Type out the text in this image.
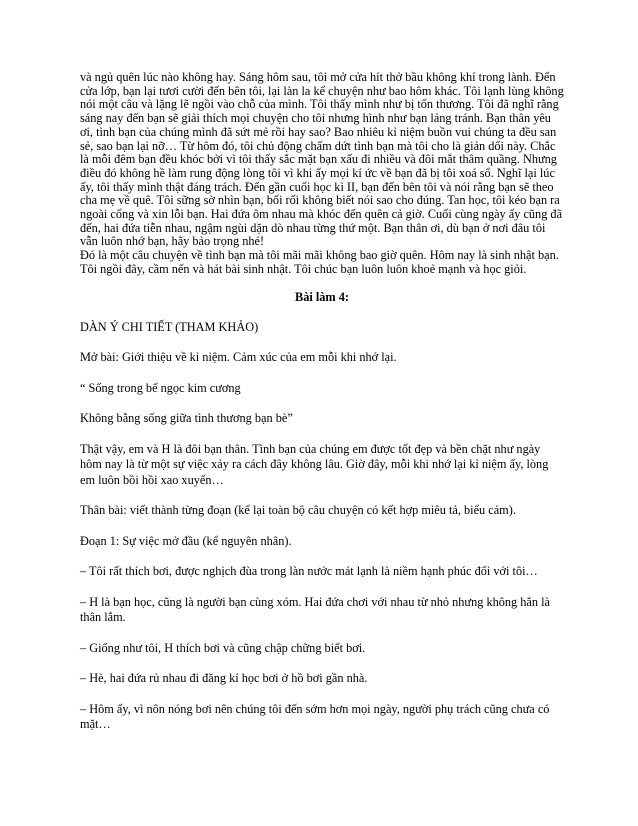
và ngủ quên lúc nào không hay. Sáng hôm sau, tôi mở cửa hít thở bầu không khí trong lành. Đến cửa lớp, bạn lại tươi cười đến bên tôi, lại làn la kể chuyện như bao hôm khác. Tôi lạnh lùng không nói một câu và lặng lẽ ngồi vào chỗ của mình. Tôi thấy mình như bị tổn thương. Tôi đã nghĩ rằng sáng nay đến bạn sẽ giải thích mọi chuyện cho tôi nhưng hình như bạn lảng tránh. Bạn thân yêu ơi, tình bạn của chúng mình đã sứt mẻ rồi hay sao? Bao nhiêu kỉ niệm buồn vui chúng ta đều san sẻ, sao bạn lại nỡ… Từ hôm đó, tôi chủ động chấm dứt tình bạn mà tôi cho là giản dối này. Chắc là mỗi đêm bạn đều khóc bởi vì tôi thấy sắc mặt bạn xấu đi nhiều và đôi mắt thâm quầng. Nhưng điều đó không hề làm rung động lòng tôi vì khi ấy mọi kí ức về bạn đã bị tôi xoá sổ. Nghĩ lại lúc ấy, tôi thấy mình thật đáng trách. Đến gần cuối học kì II, bạn đến bên tôi và nói rằng bạn sẽ theo cha mẹ về quê. Tôi sững sờ nhìn bạn, bối rối không biết nói sao cho đúng. Tan học, tôi kéo bạn ra ngoài cổng và xin lỗi bạn. Hai đứa ôm nhau mà khóc đến quên cả giờ. Cuối cùng ngày ấy cũng đã đến, hai đứa tiễn nhau, ngậm ngùi dặn dò nhau từng thứ một. Bạn thân ơi, dù bạn ở nơi đâu tôi vẫn luôn nhớ bạn, hãy bảo trọng nhé!

Đó là một câu chuyện về tình bạn mà tôi mãi mãi không bao giờ quên. Hôm nay là sinh nhật bạn. Tôi ngồi đây, cầm nến và hát bài sinh nhật. Tôi chúc bạn luôn luôn khoẻ mạnh và học giỏi.

Bài làm 4:

DÀN Ý CHI TIẾT (THAM KHẢO)

Mở bài: Giới thiệu về kỉ niệm. Cảm xúc của em mỗi khi nhớ lại.

“ Sống trong bể ngọc kim cương

Không bằng sống giữa tình thương bạn bè”

Thật vậy, em và H là đôi bạn thân. Tình bạn của chúng em được tốt đẹp và bền chặt như ngày hôm nay là từ một sự việc xảy ra cách đây không lâu. Giờ đây, mỗi khi nhớ lại kỉ niệm ấy, lòng em luôn bồi hồi xao xuyến…

Thân bài: viết thành từng đoạn (kể lại toàn bộ câu chuyện có kết hợp miêu tả, biểu cảm).

Đoạn 1: Sự việc mở đầu (kể nguyên nhân).

– Tôi rất thích bơi, được nghịch đùa trong làn nước mát lạnh là niềm hạnh phúc đối với tôi…

– H là bạn học, cũng là người bạn cùng xóm. Hai đứa chơi với nhau từ nhỏ nhưng không hẳn là thân lắm.

– Giống như tôi, H thích bơi và cũng chập chững biết bơi.

– Hè, hai đứa rủ nhau đi đăng kí học bơi ở hồ bơi gần nhà.

– Hôm ấy, vì nôn nóng bơi nên chúng tôi đến sớm hơn mọi ngày, người phụ trách cũng chưa có mặt…
